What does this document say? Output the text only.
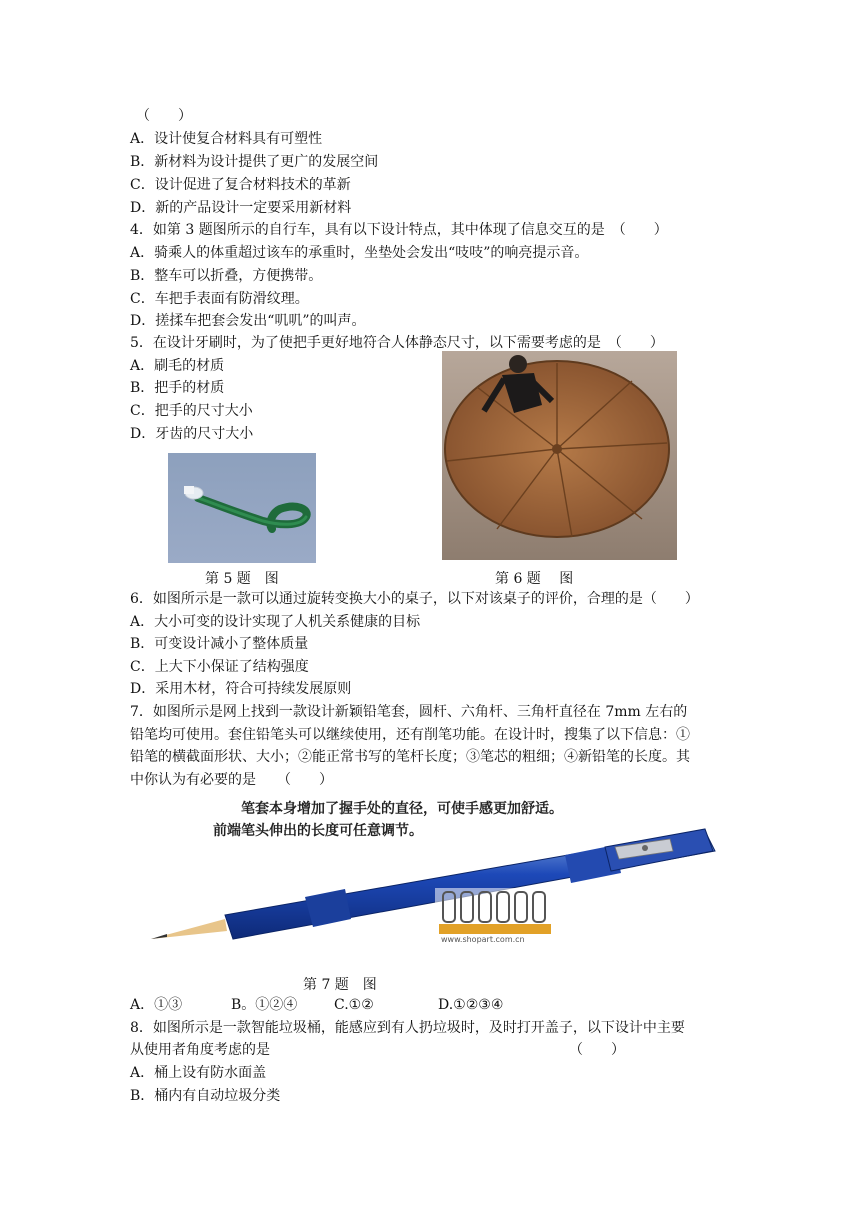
（　　）
A．设计使复合材料具有可塑性
B．新材料为设计提供了更广的发展空间
C．设计促进了复合材料技术的革新
D．新的产品设计一定要采用新材料
4．如第 3 题图所示的自行车，具有以下设计特点，其中体现了信息交互的是　（　　）
A．骑乘人的体重超过该车的承重时，坐垫处会发出“吱吱”的响亮提示音。
B．整车可以折叠，方便携带。
C．车把手表面有防滑纹理。
D．搓揉车把套会发出“叽叽”的叫声。
5．在设计牙刷时，为了使把手更好地符合人体静态尺寸，以下需要考虑的是　（　　）
A．刷毛的材质
B．把手的材质
C．把手的尺寸大小
D．牙齿的尺寸大小
第 5 题　图	第 6 题　 图
6．如图所示是一款可以通过旋转变换大小的桌子，以下对该桌子的评价，合理的是（　　）
A．大小可变的设计实现了人机关系健康的目标
B．可变设计减小了整体质量
C．上大下小保证了结构强度
D．采用木材，符合可持续发展原则
7．如图所示是网上找到一款设计新颖铅笔套，圆杆、六角杆、三角杆直径在 7mm 左右的
铅笔均可使用。套住铅笔头可以继续使用，还有削笔功能。在设计时，搜集了以下信息：①
铅笔的横截面形状、大小；②能正常书写的笔杆长度；③笔芯的粗细；④新铅笔的长度。其
中你认为有必要的是　　（　　）
笔套本身增加了握手处的直径，可使手感更加舒适。
前端笔头伸出的长度可任意调节。
www.shopart.com.cn
第 7 题　图
A．①③	B。①②④	C.①②	D.①②③④
8．如图所示是一款智能垃圾桶，能感应到有人扔垃圾时，及时打开盖子，以下设计中主要
从使用者角度考虑的是	（　　）
A．桶上设有防水面盖
B．桶内有自动垃圾分类
